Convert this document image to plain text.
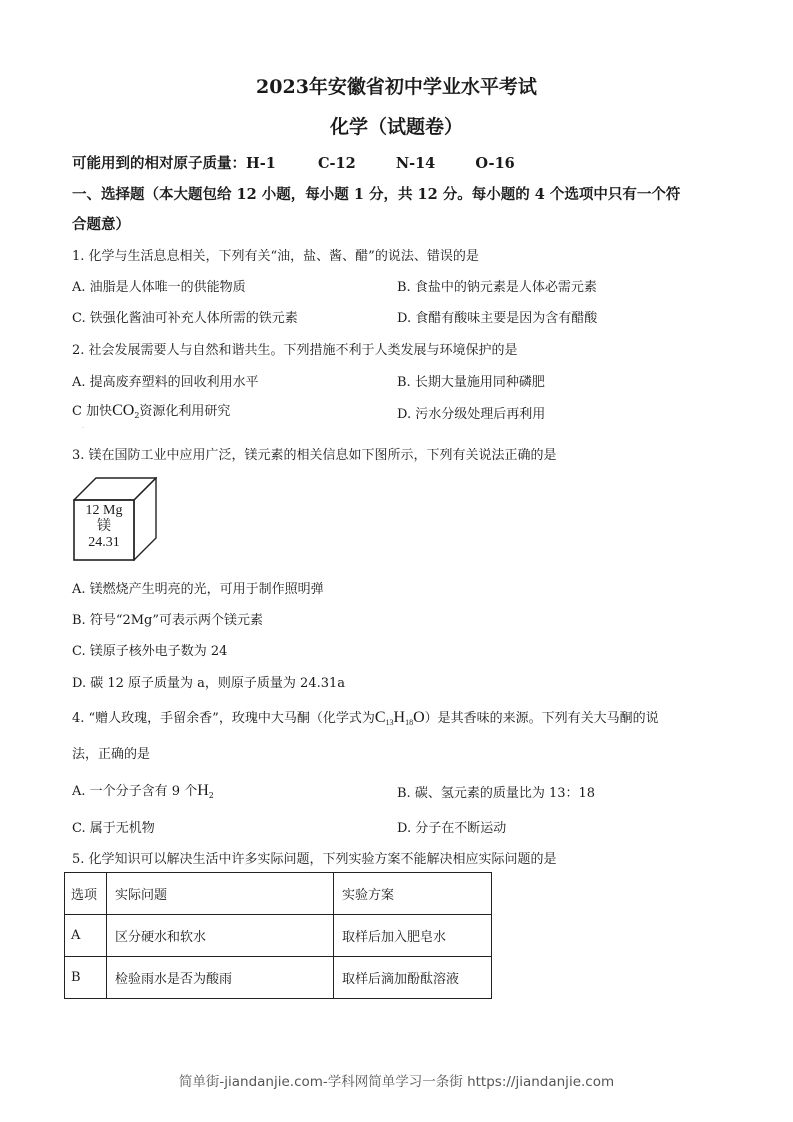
2023年安徽省初中学业水平考试
化学（试题卷）
可能用到的相对原子质量：H-1	C-12	N-14	O-16
一、选择题（本大题包给 12 小题，每小题 1 分，共 12 分。每小题的 4 个选项中只有一个符
合题意）
1. 化学与生活息息相关，下列有关“油，盐、酱、醋”的说法、错误的是
A. 油脂是人体唯一的供能物质	B. 食盐中的钠元素是人体必需元素
C. 铁强化酱油可补充人体所需的铁元素	D. 食醋有酸味主要是因为含有醋酸
2. 社会发展需要人与自然和谐共生。下列措施不利于人类发展与环境保护的是
A. 提高废弃塑料的回收利用水平	B. 长期大量施用同种磷肥
C 加快$CO_2$资源化利用研究	D. 污水分级处理后再利用
·
3. 镁在国防工业中应用广泛，镁元素的相关信息如下图所示，下列有关说法正确的是
12 Mg
镁
24.31
A. 镁燃烧产生明亮的光，可用于制作照明弹
B. 符号“2Mg”可表示两个镁元素
C. 镁原子核外电子数为 24
D. 碳 12 原子质量为 a，则原子质量为 24.31a
4. “赠人玫瑰，手留余香”，玫瑰中大马酮（化学式为$C_{13}H_{18}O$）是其香味的来源。下列有关大马酮的说
法，正确的是
A. 一个分子含有 9 个$H_2$	B. 碳、氢元素的质量比为 13：18
C. 属于无机物	D. 分子在不断运动
5. 化学知识可以解决生活中许多实际问题，下列实验方案不能解决相应实际问题的是
选项	实际问题	实验方案
A	区分硬水和软水	取样后加入肥皂水
B	检验雨水是否为酸雨	取样后滴加酚酞溶液
简单街-jiandanjie.com-学科网简单学习一条街 https://jiandanjie.com
